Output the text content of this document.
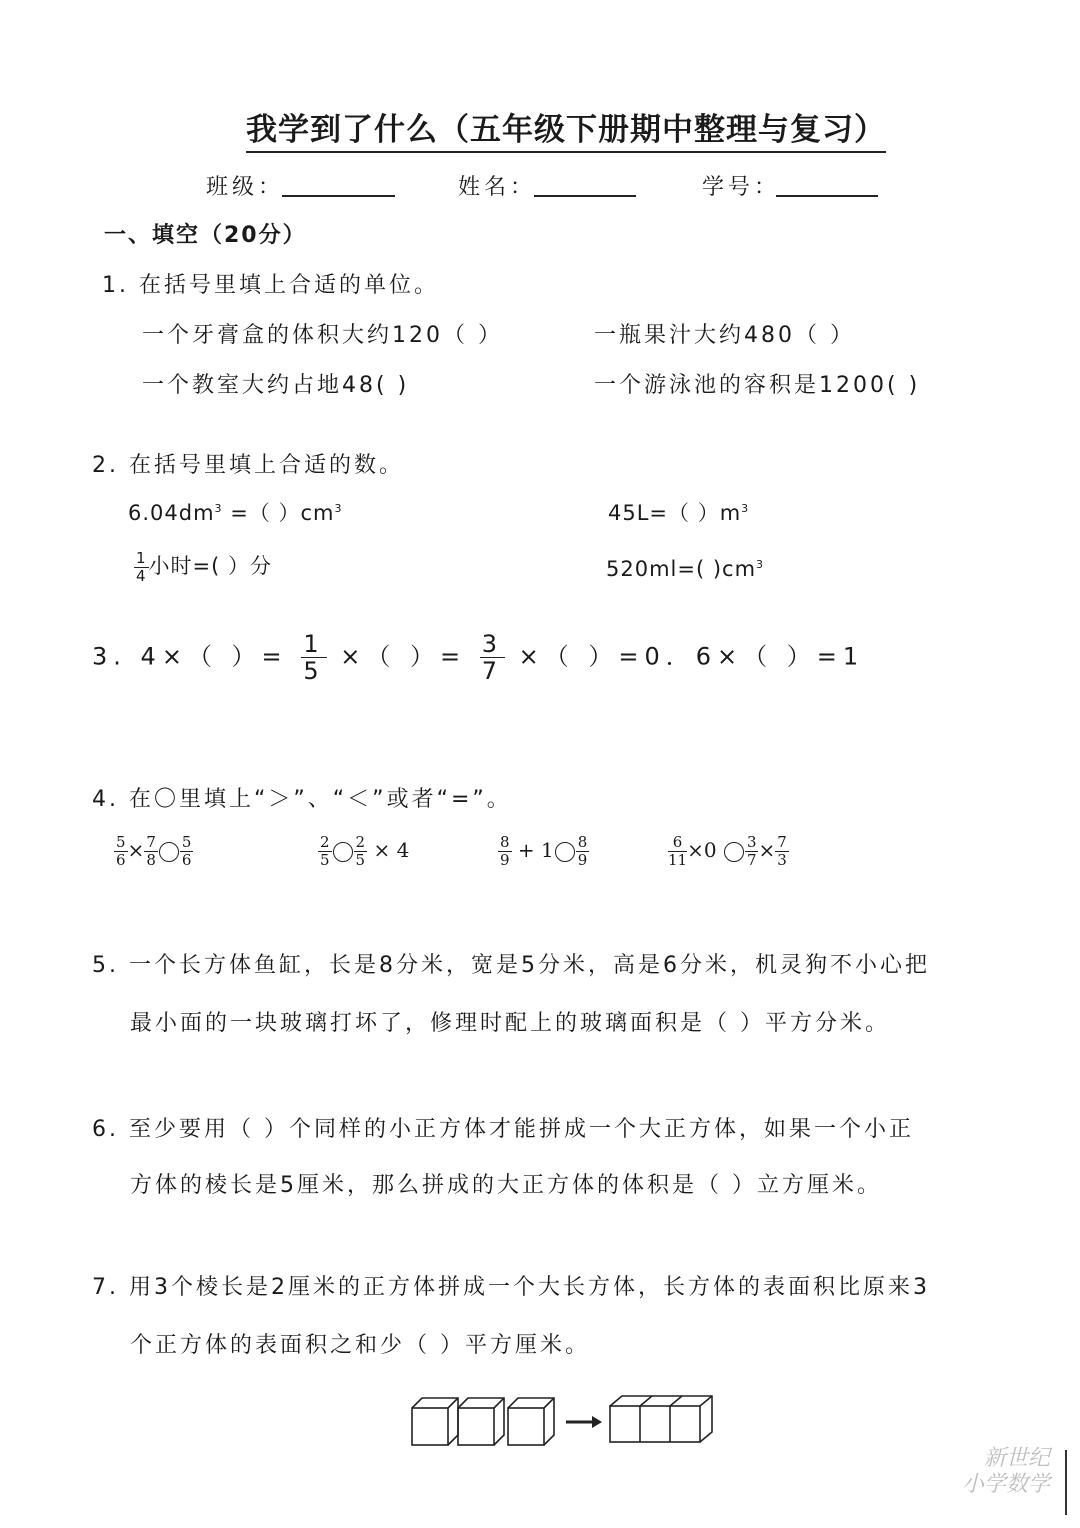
我学到了什么（五年级下册期中整理与复习）
班级：	姓名：	学号：
一、填空（20分）
1. 在括号里填上合适的单位。
一个牙膏盒的体积大约120（ ）	一瓶果汁大约480（ ）
一个教室大约占地48( )	一个游泳池的容积是1200( )
2. 在括号里填上合适的数。
$6.04dm^3$ =（ ）$cm^3$	45L=（ ）$m^3$
$\frac{1}{4}$ 小时=( ）分	520ml=( )$cm^3$
3. 4×（ ）= $\frac{1}{5}$ ×（ ）= $\frac{3}{7}$ ×（ ）=0．6×（ ）=1
4. 在〇里填上“＞”、“＜”或者“=”。
$\frac{5}{6} \times \frac{7}{8} \frac{5}{6}$	$\frac{2}{5} \frac{2}{5} \times 4$	$\frac{8}{9} + 1 \frac{8}{9}$	$\frac{6}{11} \times 0 \frac{3}{7} \times \frac{7}{3}$
5. 一个长方体鱼缸，长是8分米，宽是5分米，高是6分米，机灵狗不小心把
最小面的一块玻璃打坏了，修理时配上的玻璃面积是（ ）平方分米。
6. 至少要用（ ）个同样的小正方体才能拼成一个大正方体，如果一个小正
方体的棱长是5厘米，那么拼成的大正方体的体积是（ ）立方厘米。
7. 用3个棱长是2厘米的正方体拼成一个大长方体，长方体的表面积比原来3
个正方体的表面积之和少（ ）平方厘米。
新世纪
小学数学
